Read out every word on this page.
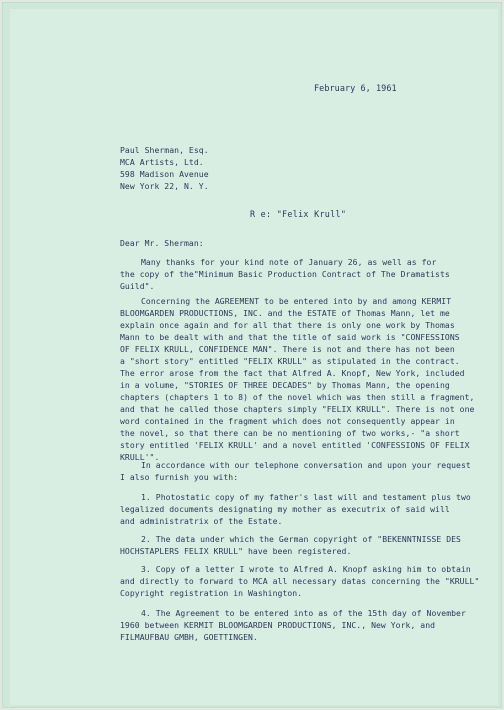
February 6, 1961
Paul Sherman, Esq.
MCA Artists, Ltd.
598 Madison Avenue
New York 22, N. Y.
R e: "Felix Krull"
Dear Mr. Sherman:
Many thanks for your kind note of January 26, as well as for
the copy of the"Minimum Basic Production Contract of The Dramatists
Guild".
Concerning the AGREEMENT to be entered into by and among KERMIT
BLOOMGARDEN PRODUCTIONS, INC. and the ESTATE of Thomas Mann, let me
explain once again and for all that there is only one work by Thomas
Mann to be dealt with and that the title of said work is "CONFESSIONS
OF FELIX KRULL, CONFIDENCE MAN". There is not and there has not been
a "short story" entitled "FELIX KRULL" as stipulated in the contract.
The error arose from the fact that Alfred A. Knopf, New York, included
in a volume, "STORIES OF THREE DECADES" by Thomas Mann, the opening
chapters (chapters 1 to 8) of the novel which was then still a fragment,
and that he called those chapters simply "FELIX KRULL". There is not one
word contained in the fragment which does not consequently appear in
the novel, so that there can be no mentioning of two works,- "a short
story entitled 'FELIX KRULL' and a novel entitled 'CONFESSIONS OF FELIX
KRULL'".
In accordance with our telephone conversation and upon your request
I also furnish you with:
1. Photostatic copy of my father's last will and testament plus two
legalized documents designating my mother as executrix of said will
and administratrix of the Estate.
2. The data under which the German copyright of "BEKENNTNISSE DES
HOCHSTAPLERS FELIX KRULL" have been registered.
3. Copy of a letter I wrote to Alfred A. Knopf asking him to obtain
and directly to forward to MCA all necessary datas concerning the "KRULL"
Copyright registration in Washington.
4. The Agreement to be entered into as of the 15th day of November
1960 between KERMIT BLOOMGARDEN PRODUCTIONS, INC., New York, and
FILMAUFBAU GMBH, GOETTINGEN.
